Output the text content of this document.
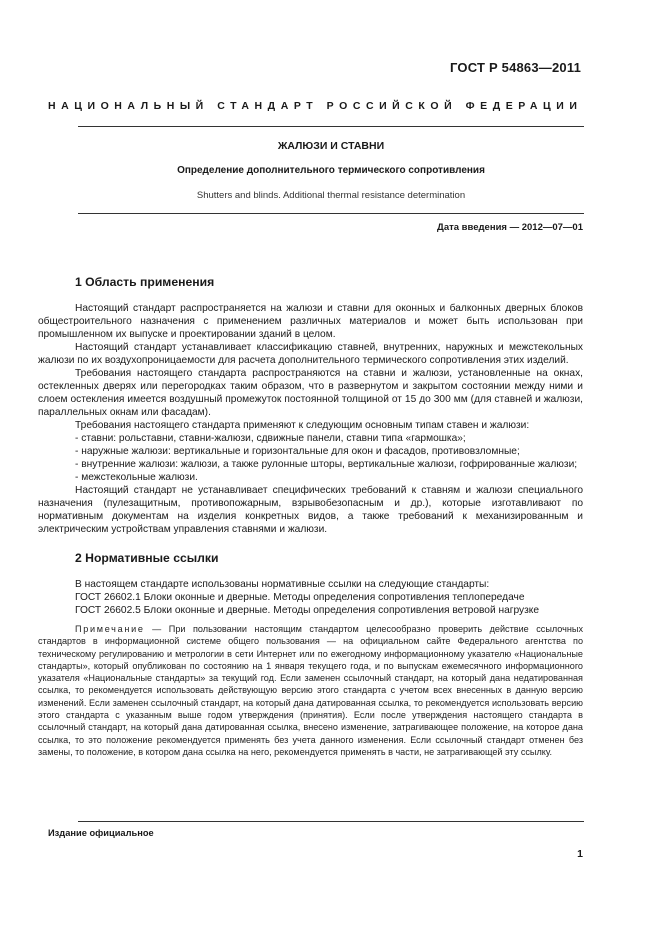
ГОСТ Р 54863—2011
НАЦИОНАЛЬНЫЙ СТАНДАРТ РОССИЙСКОЙ ФЕДЕРАЦИИ
ЖАЛЮЗИ И СТАВНИ
Определение дополнительного термического сопротивления
Shutters and blinds. Additional thermal resistance determination
Дата введения — 2012—07—01
1 Область применения

Настоящий стандарт распространяется на жалюзи и ставни для оконных и балконных дверных блоков общестроительного назначения с применением различных материалов и может быть использован при промышленном их выпуске и проектировании зданий в целом.

Настоящий стандарт устанавливает классификацию ставней, внутренних, наружных и межстекольных жалюзи по их воздухопроницаемости для расчета дополнительного термического сопротивления этих изделий.

Требования настоящего стандарта распространяются на ставни и жалюзи, установленные на окнах, остекленных дверях или перегородках таким образом, что в развернутом и закрытом состоянии между ними и слоем остекления имеется воздушный промежуток постоянной толщиной от 15 до 300 мм (для ставней и жалюзи, параллельных окнам или фасадам).

Требования настоящего стандарта применяют к следующим основным типам ставен и жалюзи:

- ставни: рольставни, ставни-жалюзи, сдвижные панели, ставни типа «гармошка»;

- наружные жалюзи: вертикальные и горизонтальные для окон и фасадов, противовзломные;

- внутренние жалюзи: жалюзи, а также рулонные шторы, вертикальные жалюзи, гофрированные жалюзи;

- межстекольные жалюзи.

Настоящий стандарт не устанавливает специфических требований к ставням и жалюзи специального назначения (пулезащитным, противопожарным, взрывобезопасным и др.), которые изготавливают по нормативным документам на изделия конкретных видов, а также требований к механизированным и электрическим устройствам управления ставнями и жалюзи.

2 Нормативные ссылки

В настоящем стандарте использованы нормативные ссылки на следующие стандарты:

ГОСТ 26602.1 Блоки оконные и дверные. Методы определения сопротивления теплопередаче

ГОСТ 26602.5 Блоки оконные и дверные. Методы определения сопротивления ветровой нагрузке

Примечание — При пользовании настоящим стандартом целесообразно проверить действие ссылочных стандартов в информационной системе общего пользования — на официальном сайте Федерального агентства по техническому регулированию и метрологии в сети Интернет или по ежегодному информационному указателю «Национальные стандарты», который опубликован по состоянию на 1 января текущего года, и по выпускам ежемесячного информационного указателя «Национальные стандарты» за текущий год. Если заменен ссылочный стандарт, на который дана недатированная ссылка, то рекомендуется использовать действующую версию этого стандарта с учетом всех внесенных в данную версию изменений. Если заменен ссылочный стандарт, на который дана датированная ссылка, то рекомендуется использовать версию этого стандарта с указанным выше годом утверждения (принятия). Если после утверждения настоящего стандарта в ссылочный стандарт, на который дана датированная ссылка, внесено изменение, затрагивающее положение, на которое дана ссылка, то это положение рекомендуется применять без учета данного изменения. Если ссылочный стандарт отменен без замены, то положение, в котором дана ссылка на него, рекомендуется применять в части, не затрагивающей эту ссылку.

Издание официальное
1
